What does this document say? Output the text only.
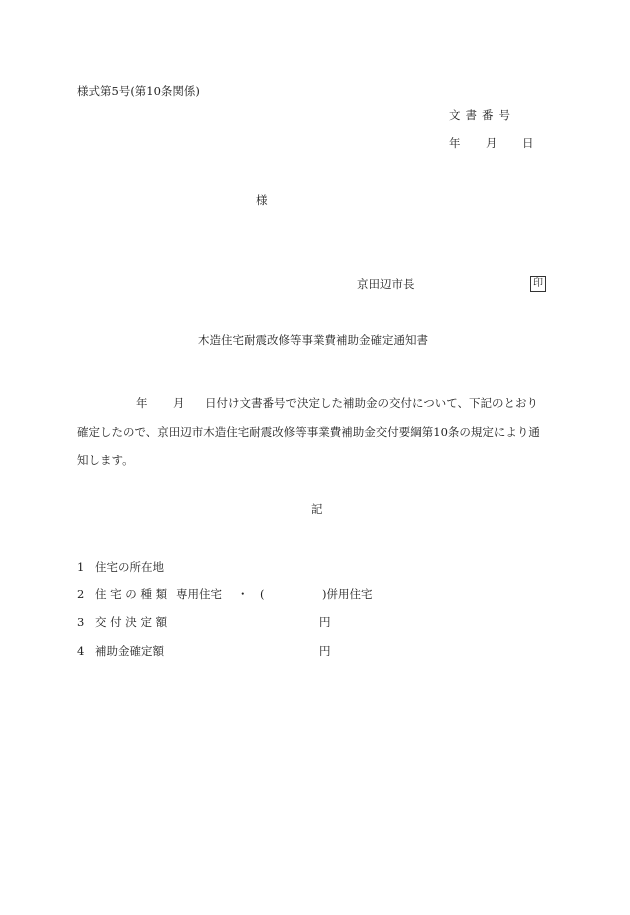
様式第5号(第10条関係)
文書番号
年 月 日
様
京田辺市長	印
木造住宅耐震改修等事業費補助金確定通知書

年 月 日付け文書番号で決定した補助金の交付について、下記のとおり

確定したので、京田辺市木造住宅耐震改修等事業費補助金交付要綱第10条の規定により通

知します。

記
1 住宅の所在地
2 住 宅 の 種 類 専用住宅 ・ (	)併用住宅
3 交 付 決 定 額	円
4 補助金確定額	円
